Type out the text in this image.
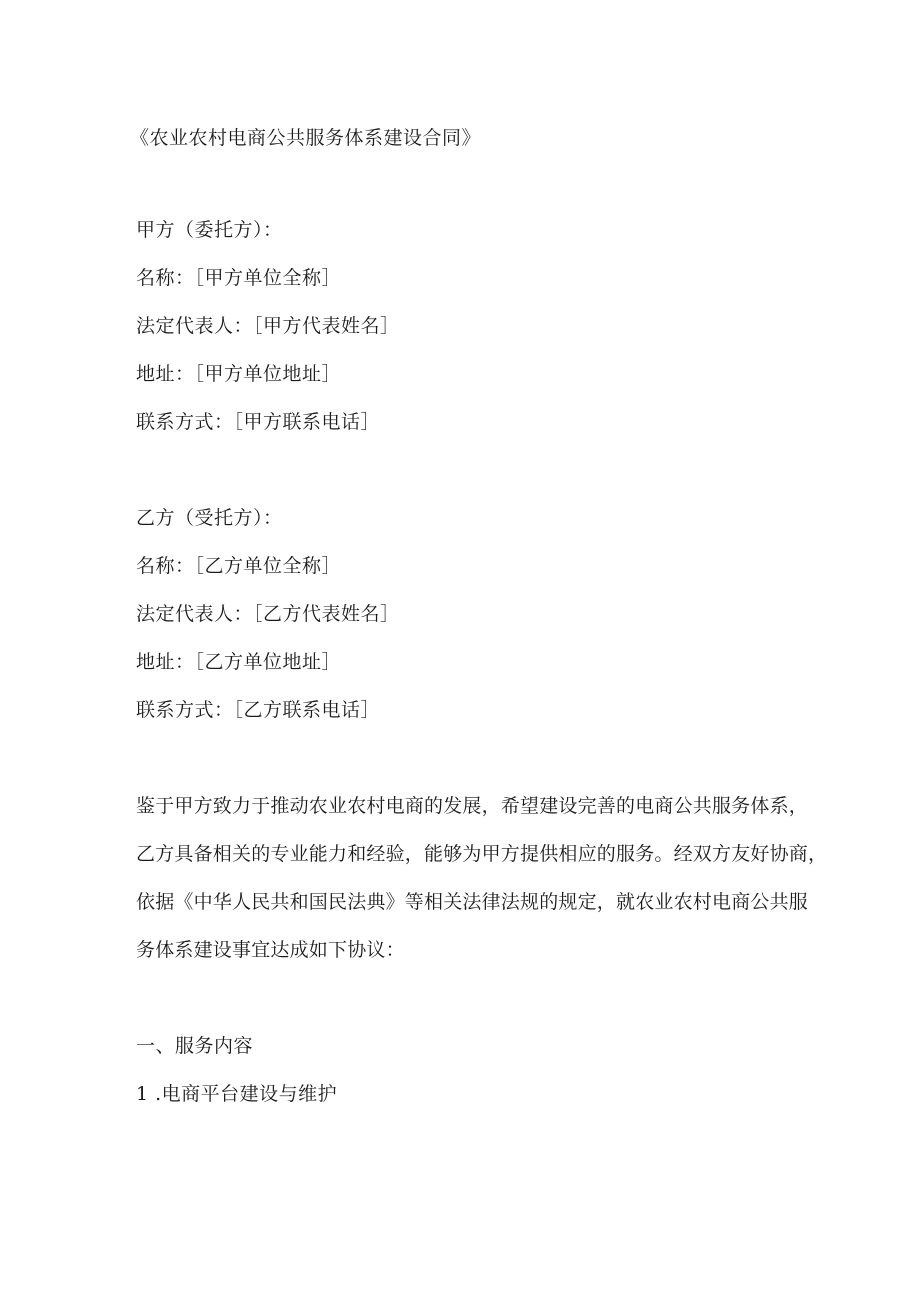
《农业农村电商公共服务体系建设合同》
甲方（委托方）：
名称：［甲方单位全称］
法定代表人：［甲方代表姓名］
地址：［甲方单位地址］
联系方式：［甲方联系电话］
乙方（受托方）：
名称：［乙方单位全称］
法定代表人：［乙方代表姓名］
地址：［乙方单位地址］
联系方式：［乙方联系电话］
鉴于甲方致力于推动农业农村电商的发展，希望建设完善的电商公共服务体系，
乙方具备相关的专业能力和经验，能够为甲方提供相应的服务。经双方友好协商，
依据《中华人民共和国民法典》等相关法律法规的规定，就农业农村电商公共服
务体系建设事宜达成如下协议：
一、服务内容
1 .电商平台建设与维护
